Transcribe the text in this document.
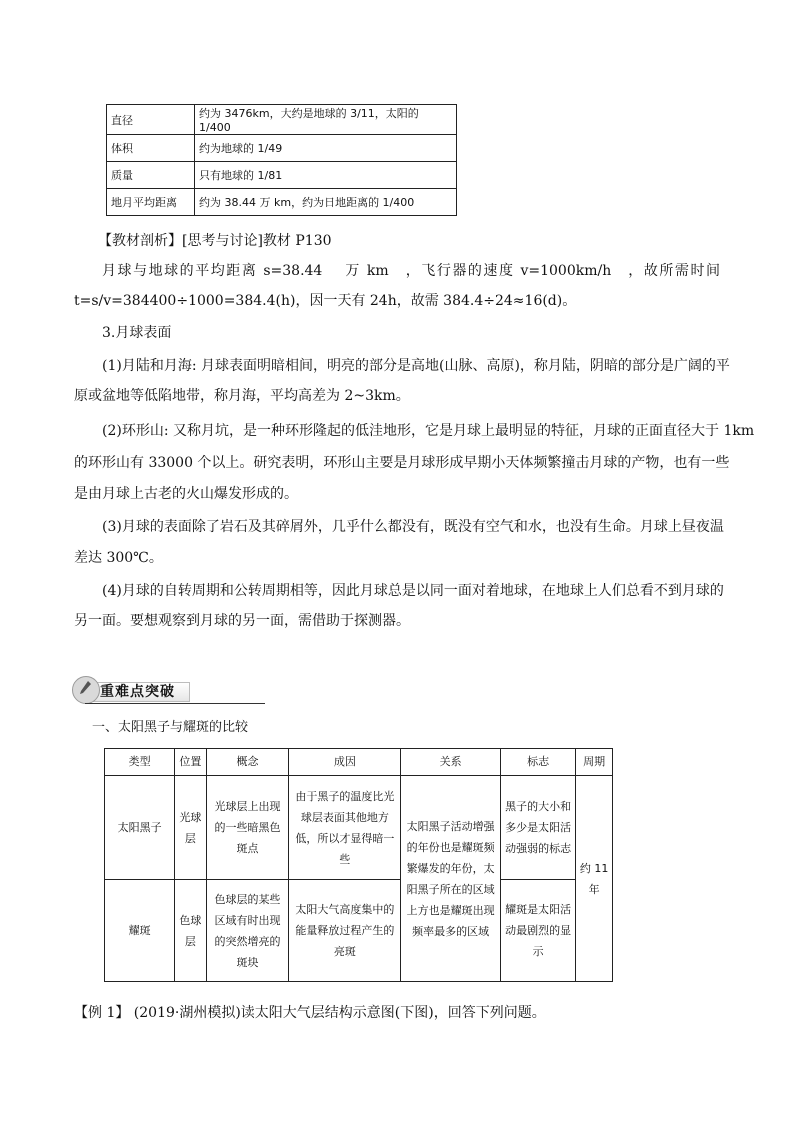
直径	约为 3476km，大约是地球的 3/11，太阳的 1/400
体积	约为地球的 1/49
质量	只有地球的 1/81
地月平均距离	约为 38.44 万 km，约为日地距离的 1/400
【教材剖析】[思考与讨论]教材 P130
月球与地球的平均距离 s=38.44　 万 km　，飞行器的速度 v=1000km/h　，故所需时间
t=s/v=384400÷1000=384.4(h)，因一天有 24h，故需 384.4÷24≈16(d)。
3.月球表面
(1)月陆和月海: 月球表面明暗相间，明亮的部分是高地(山脉、高原)，称月陆，阴暗的部分是广阔的平
原或盆地等低陷地带，称月海，平均高差为 2~3km。
(2)环形山: 又称月坑，是一种环形隆起的低洼地形，它是月球上最明显的特征，月球的正面直径大于 1km
的环形山有 33000 个以上。研究表明，环形山主要是月球形成早期小天体频繁撞击月球的产物，也有一些
是由月球上古老的火山爆发形成的。
(3)月球的表面除了岩石及其碎屑外，几乎什么都没有，既没有空气和水，也没有生命。月球上昼夜温
差达 300℃。
(4)月球的自转周期和公转周期相等，因此月球总是以同一面对着地球，在地球上人们总看不到月球的
另一面。要想观察到月球的另一面，需借助于探测器。
重难点突破
一、太阳黑子与耀斑的比较
类型	位置	概念	成因	关系	标志	周期
太阳黑子	光球层	光球层上出现的一些暗黑色斑点	由于黑子的温度比光球层表面其他地方低，所以才显得暗一些	太阳黑子活动增强的年份也是耀斑频繁爆发的年份，太阳黑子所在的区域上方也是耀斑出现频率最多的区域	黑子的大小和多少是太阳活动强弱的标志	约 11 年
耀斑	色球层	色球层的某些区域有时出现的突然增亮的斑块	太阳大气高度集中的能量释放过程产生的亮斑		耀斑是太阳活动最剧烈的显示	
【例 1】 (2019·湖州模拟)读太阳大气层结构示意图(下图)，回答下列问题。
